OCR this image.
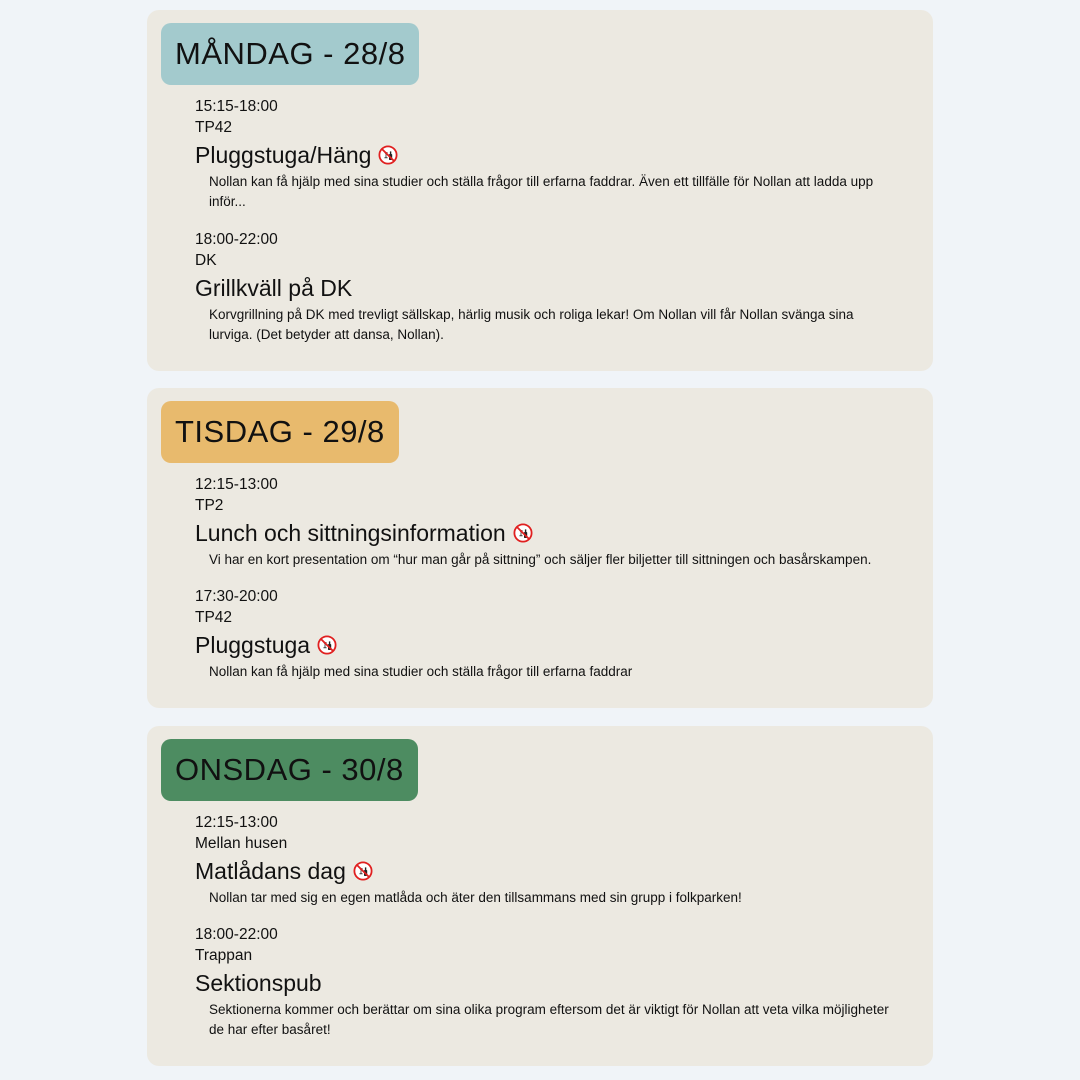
MÅNDAG - 28/8
15:15-18:00
TP42
Pluggstuga/Häng
Nollan kan få hjälp med sina studier och ställa frågor till erfarna faddrar. Även ett tillfälle för Nollan att ladda upp inför...
18:00-22:00
DK
Grillkväll på DK
Korvgrillning på DK med trevligt sällskap, härlig musik och roliga lekar! Om Nollan vill får Nollan svänga sina lurviga. (Det betyder att dansa, Nollan).
TISDAG - 29/8
12:15-13:00
TP2
Lunch och sittningsinformation
Vi har en kort presentation om “hur man går på sittning” och säljer fler biljetter till sittningen och basårskampen.
17:30-20:00
TP42
Pluggstuga
Nollan kan få hjälp med sina studier och ställa frågor till erfarna faddrar
ONSDAG - 30/8
12:15-13:00
Mellan husen
Matlådans dag
Nollan tar med sig en egen matlåda och äter den tillsammans med sin grupp i folkparken!
18:00-22:00
Trappan
Sektionspub
Sektionerna kommer och berättar om sina olika program eftersom det är viktigt för Nollan att veta vilka möjligheter de har efter basåret!
